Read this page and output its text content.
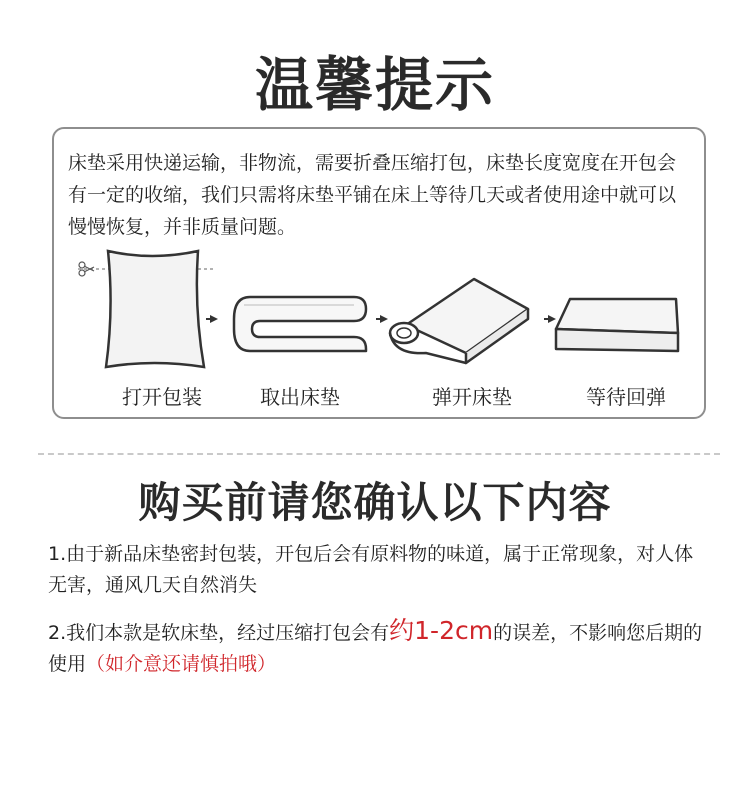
温馨提示
床垫采用快递运输，非物流，需要折叠压缩打包，床垫长度宽度在开包会有一定的收缩，我们只需将床垫平铺在床上等待几天或者使用途中就可以慢慢恢复，并非质量问题。
打开包装	取出床垫	弹开床垫	等待回弹
购买前请您确认以下内容
1.由于新品床垫密封包装，开包后会有原料物的味道，属于正常现象，对人体无害，通风几天自然消失
2.我们本款是软床垫，经过压缩打包会有约1-2cm的误差，不影响您后期的使用（如介意还请慎拍哦）
